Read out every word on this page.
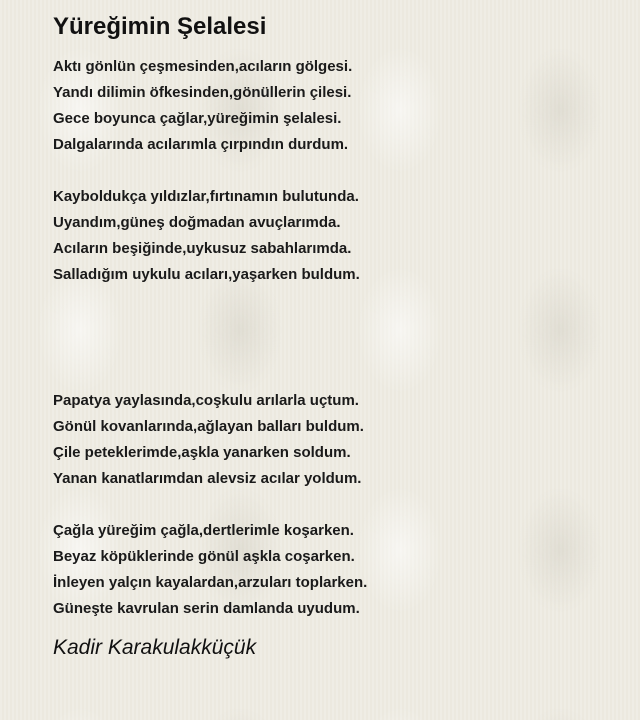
Yüreğimin Şelalesi
Aktı gönlün çeşmesinden,acıların gölgesi.
Yandı dilimin öfkesinden,gönüllerin çilesi.
Gece boyunca çağlar,yüreğimin şelalesi.
Dalgalarında acılarımla çırpındın durdum.
Kayboldukça yıldızlar,fırtınamın bulutunda.
Uyandım,güneş doğmadan avuçlarımda.
Acıların beşiğinde,uykusuz sabahlarımda.
Salladığım uykulu acıları,yaşarken buldum.
Papatya yaylasında,coşkulu arılarla uçtum.
Gönül kovanlarında,ağlayan balları buldum.
Çile peteklerimde,aşkla yanarken soldum.
Yanan kanatlarımdan alevsiz acılar yoldum.
Çağla yüreğim çağla,dertlerimle koşarken.
Beyaz köpüklerinde gönül aşkla coşarken.
İnleyen yalçın kayalardan,arzuları toplarken.
Güneşte kavrulan serin damlanda uyudum.
Kadir Karakulakküçük
